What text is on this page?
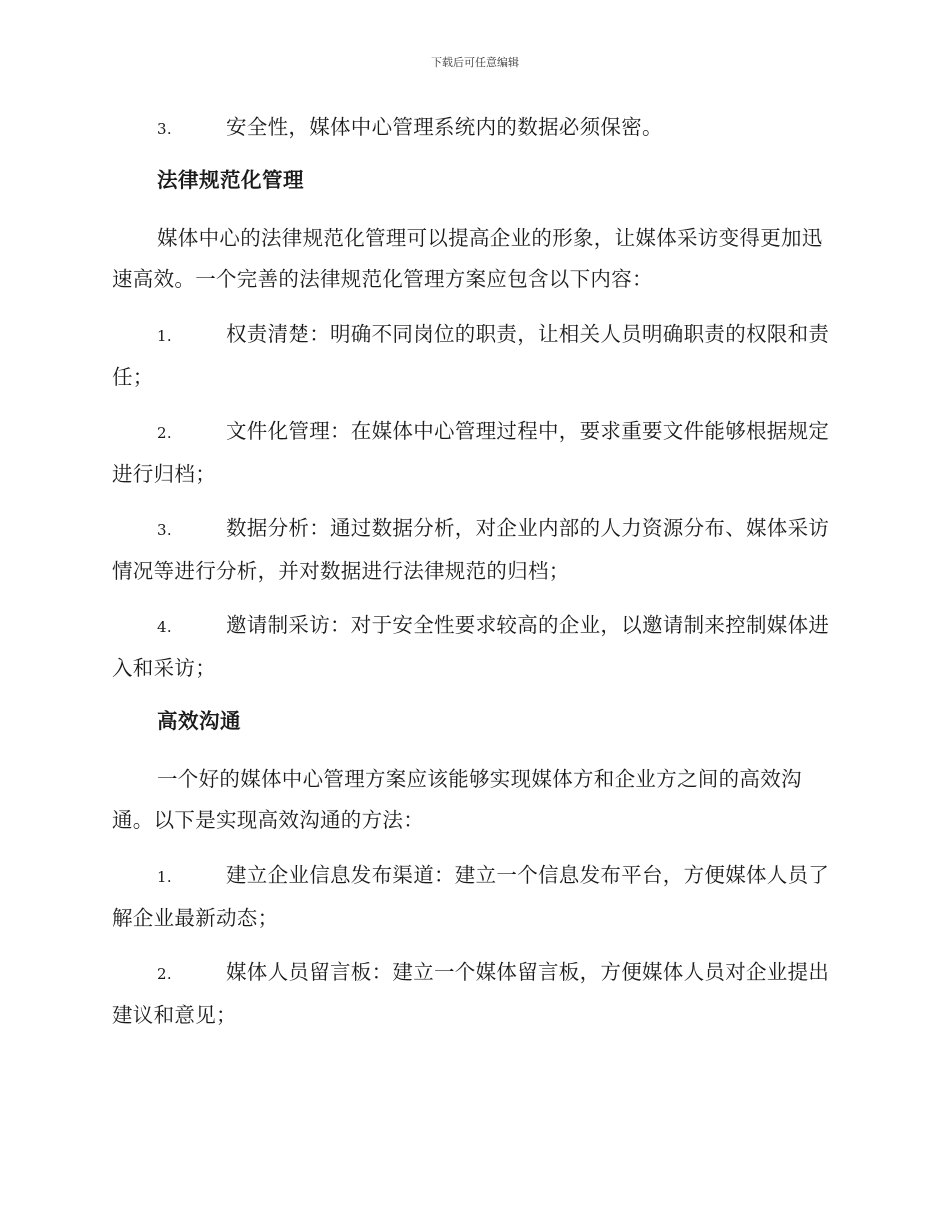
下载后可任意编辑
3.	安全性，媒体中心管理系统内的数据必须保密。
法律规范化管理
媒体中心的法律规范化管理可以提高企业的形象，让媒体采访变得更加迅速高效。一个完善的法律规范化管理方案应包含以下内容：
1.	权责清楚：明确不同岗位的职责，让相关人员明确职责的权限和责任；
2.	文件化管理：在媒体中心管理过程中，要求重要文件能够根据规定进行归档；
3.	数据分析：通过数据分析，对企业内部的人力资源分布、媒体采访情况等进行分析，并对数据进行法律规范的归档；
4.	邀请制采访：对于安全性要求较高的企业，以邀请制来控制媒体进入和采访；
高效沟通
一个好的媒体中心管理方案应该能够实现媒体方和企业方之间的高效沟通。以下是实现高效沟通的方法：
1.	建立企业信息发布渠道：建立一个信息发布平台，方便媒体人员了解企业最新动态；
2.	媒体人员留言板：建立一个媒体留言板，方便媒体人员对企业提出建议和意见；
